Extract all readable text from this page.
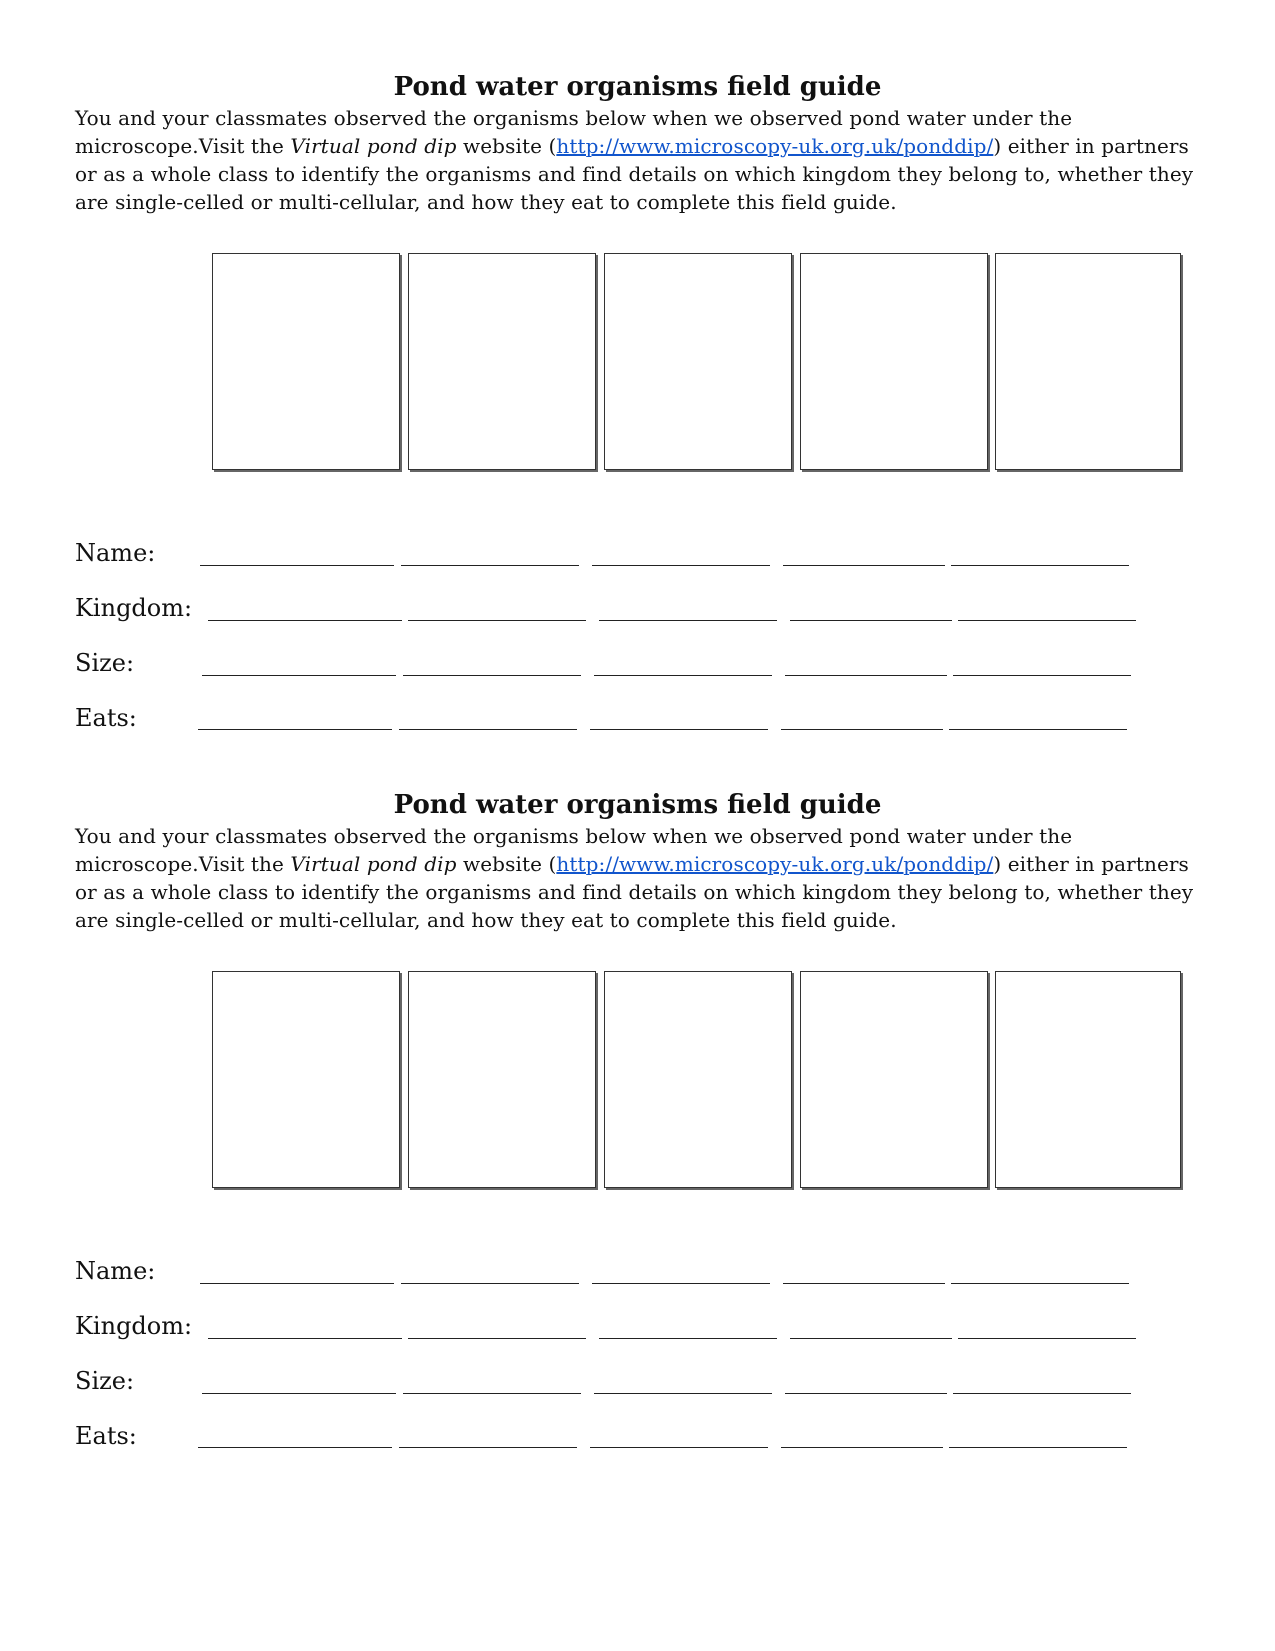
Pond water organisms field guide

You and your classmates observed the organisms below when we observed pond water under the microscope.Visit the Virtual pond dip website (http://www.microscopy-uk.org.uk/ponddip/) either in partners or as a whole class to identify the organisms and find details on which kingdom they belong to, whether they are single-celled or multi-cellular, and how they eat to complete this field guide.

Name:
Kingdom:
Size:
Eats:
Pond water organisms field guide

You and your classmates observed the organisms below when we observed pond water under the microscope.Visit the Virtual pond dip website (http://www.microscopy-uk.org.uk/ponddip/) either in partners or as a whole class to identify the organisms and find details on which kingdom they belong to, whether they are single-celled or multi-cellular, and how they eat to complete this field guide.

Name:
Kingdom:
Size:
Eats:
